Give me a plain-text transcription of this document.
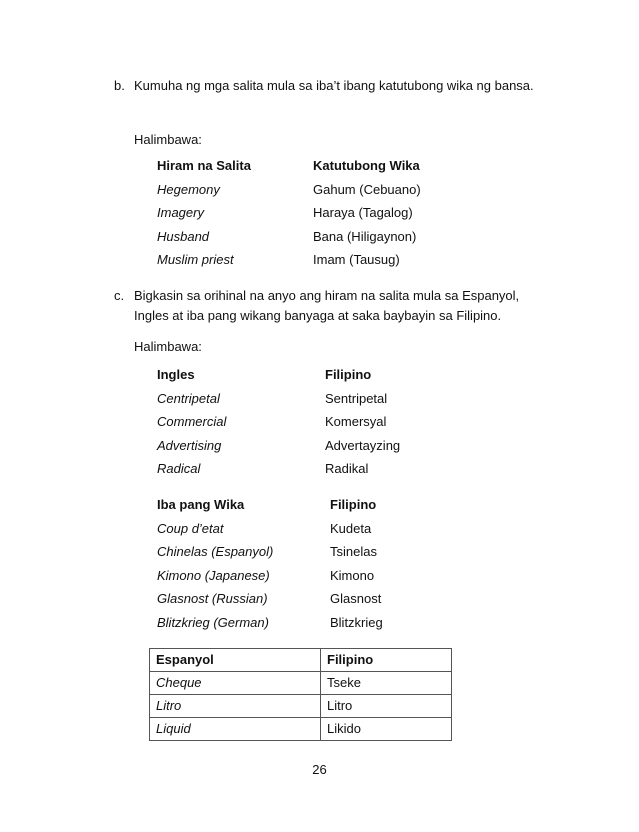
b. Kumuha ng mga salita mula sa iba’t ibang katutubong wika ng bansa.
Halimbawa:
Hiram na Salita	Katutubong Wika
Hegemony	Gahum (Cebuano)
Imagery	Haraya (Tagalog)
Husband	Bana (Hiligaynon)
Muslim priest	Imam (Tausug)
c. Bigkasin sa orihinal na anyo ang hiram na salita mula sa Espanyol, Ingles at iba pang wikang banyaga at saka baybayin sa Filipino.
Halimbawa:
Ingles	Filipino
Centripetal	Sentripetal
Commercial	Komersyal
Advertising	Advertayzing
Radical	Radikal
Iba pang Wika	Filipino
Coup d’etat	Kudeta
Chinelas (Espanyol)	Tsinelas
Kimono (Japanese)	Kimono
Glasnost (Russian)	Glasnost
Blitzkrieg (German)	Blitzkrieg
Espanyol	Filipino
Cheque	Tseke
Litro	Litro
Liquid	Likido
26
